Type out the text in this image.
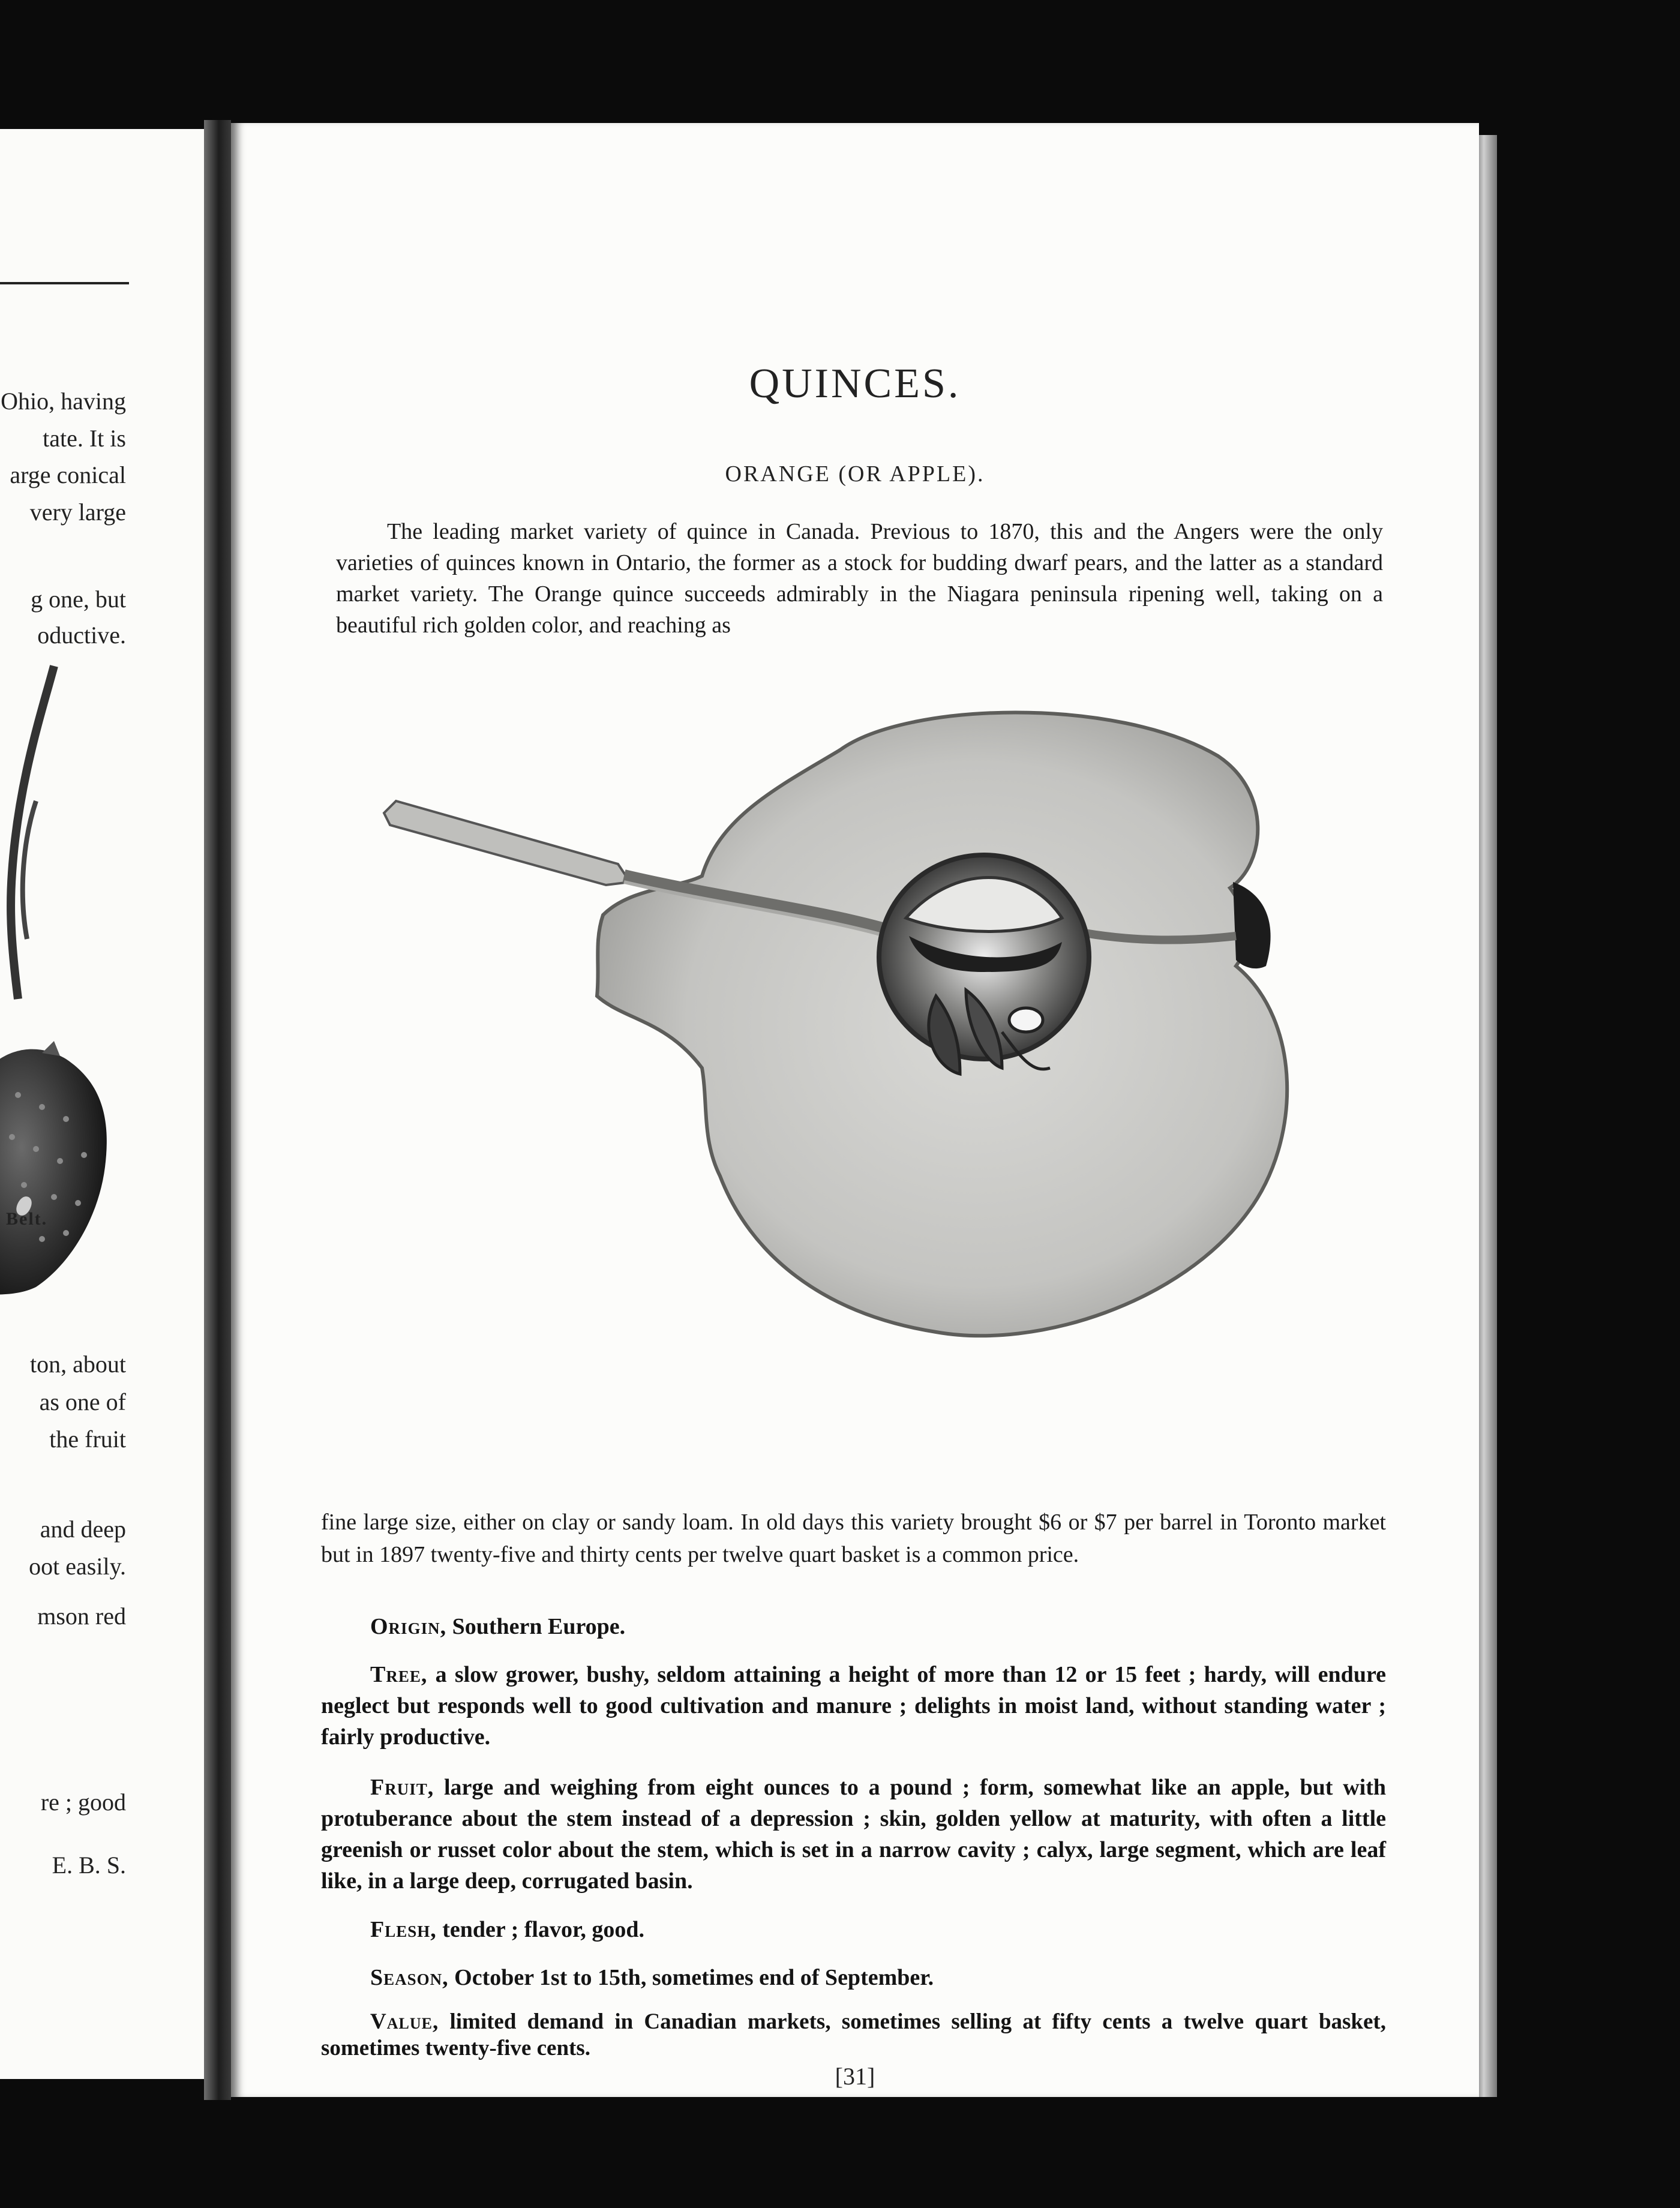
Ohio, having
tate. It is
arge conical
very large
g one, but
oductive.
Belt.
ton, about
as one of
the fruit
and deep
oot easily.
mson red
re ; good
E. B. S.
QUINCES.
ORANGE (OR APPLE).
The leading market variety of quince in Canada. Previous to 1870, this and the Angers were the only varieties of quinces known in Ontario, the former as a stock for budding dwarf pears, and the latter as a standard market variety. The Orange quince succeeds admirably in the Niagara peninsula ripening well, taking on a beautiful rich golden color, and reaching as
fine large size, either on clay or sandy loam. In old days this variety brought $6 or $7 per barrel in Toronto market but in 1897 twenty-five and thirty cents per twelve quart basket is a common price.
Origin, Southern Europe.
Tree, a slow grower, bushy, seldom attaining a height of more than 12 or 15 feet ; hardy, will endure neglect but responds well to good cultivation and manure ; delights in moist land, without standing water ; fairly productive.
Fruit, large and weighing from eight ounces to a pound ; form, somewhat like an apple, but with protuberance about the stem instead of a depression ; skin, golden yellow at maturity, with often a little greenish or russet color about the stem, which is set in a narrow cavity ; calyx, large segment, which are leaf like, in a large deep, corrugated basin.
Flesh, tender ; flavor, good.
Season, October 1st to 15th, sometimes end of September.
Value, limited demand in Canadian markets, sometimes selling at fifty cents a twelve quart basket, sometimes twenty-five cents.
[31]
